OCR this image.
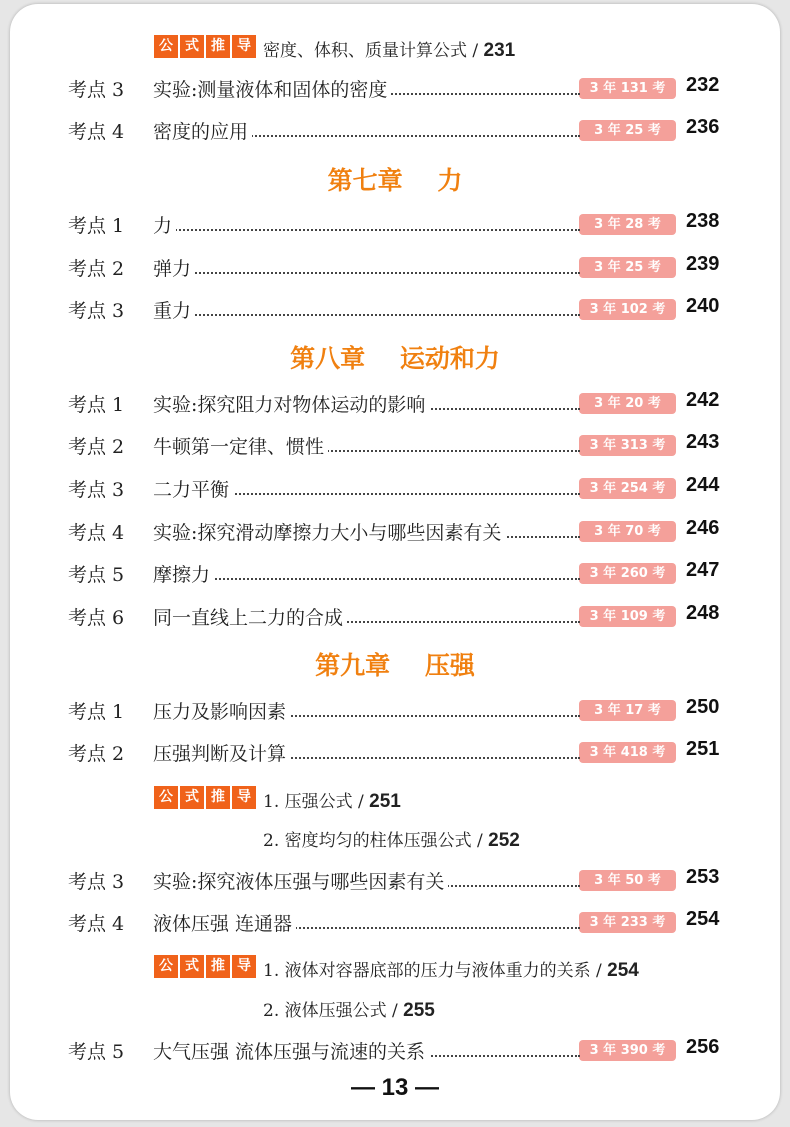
公 式 推 导 密度、体积、质量计算公式 / 231
考点 3 实验:测量液体和固体的密度	3 年 131 考	232
考点 4 密度的应用	3 年 25 考	236
第七章    力
考点 1 力	3 年 28 考	238
考点 2 弹力	3 年 25 考	239
考点 3 重力	3 年 102 考	240
第八章    运动和力
考点 1 实验:探究阻力对物体运动的影响	3 年 20 考	242
考点 2 牛顿第一定律、惯性	3 年 313 考	243
考点 3 二力平衡	3 年 254 考	244
考点 4 实验:探究滑动摩擦力大小与哪些因素有关	3 年 70 考	246
考点 5 摩擦力	3 年 260 考	247
考点 6 同一直线上二力的合成	3 年 109 考	248
第九章    压强
考点 1 压力及影响因素	3 年 17 考	250
考点 2 压强判断及计算	3 年 418 考	251
公 式 推 导 1. 压强公式 / 251
2. 密度均匀的柱体压强公式 / 252
考点 3 实验:探究液体压强与哪些因素有关	3 年 50 考	253
考点 4 液体压强 连通器	3 年 233 考	254
公 式 推 导 1. 液体对容器底部的压力与液体重力的关系 / 254
2. 液体压强公式 / 255
考点 5 大气压强 流体压强与流速的关系	3 年 390 考	256
— 13 —
